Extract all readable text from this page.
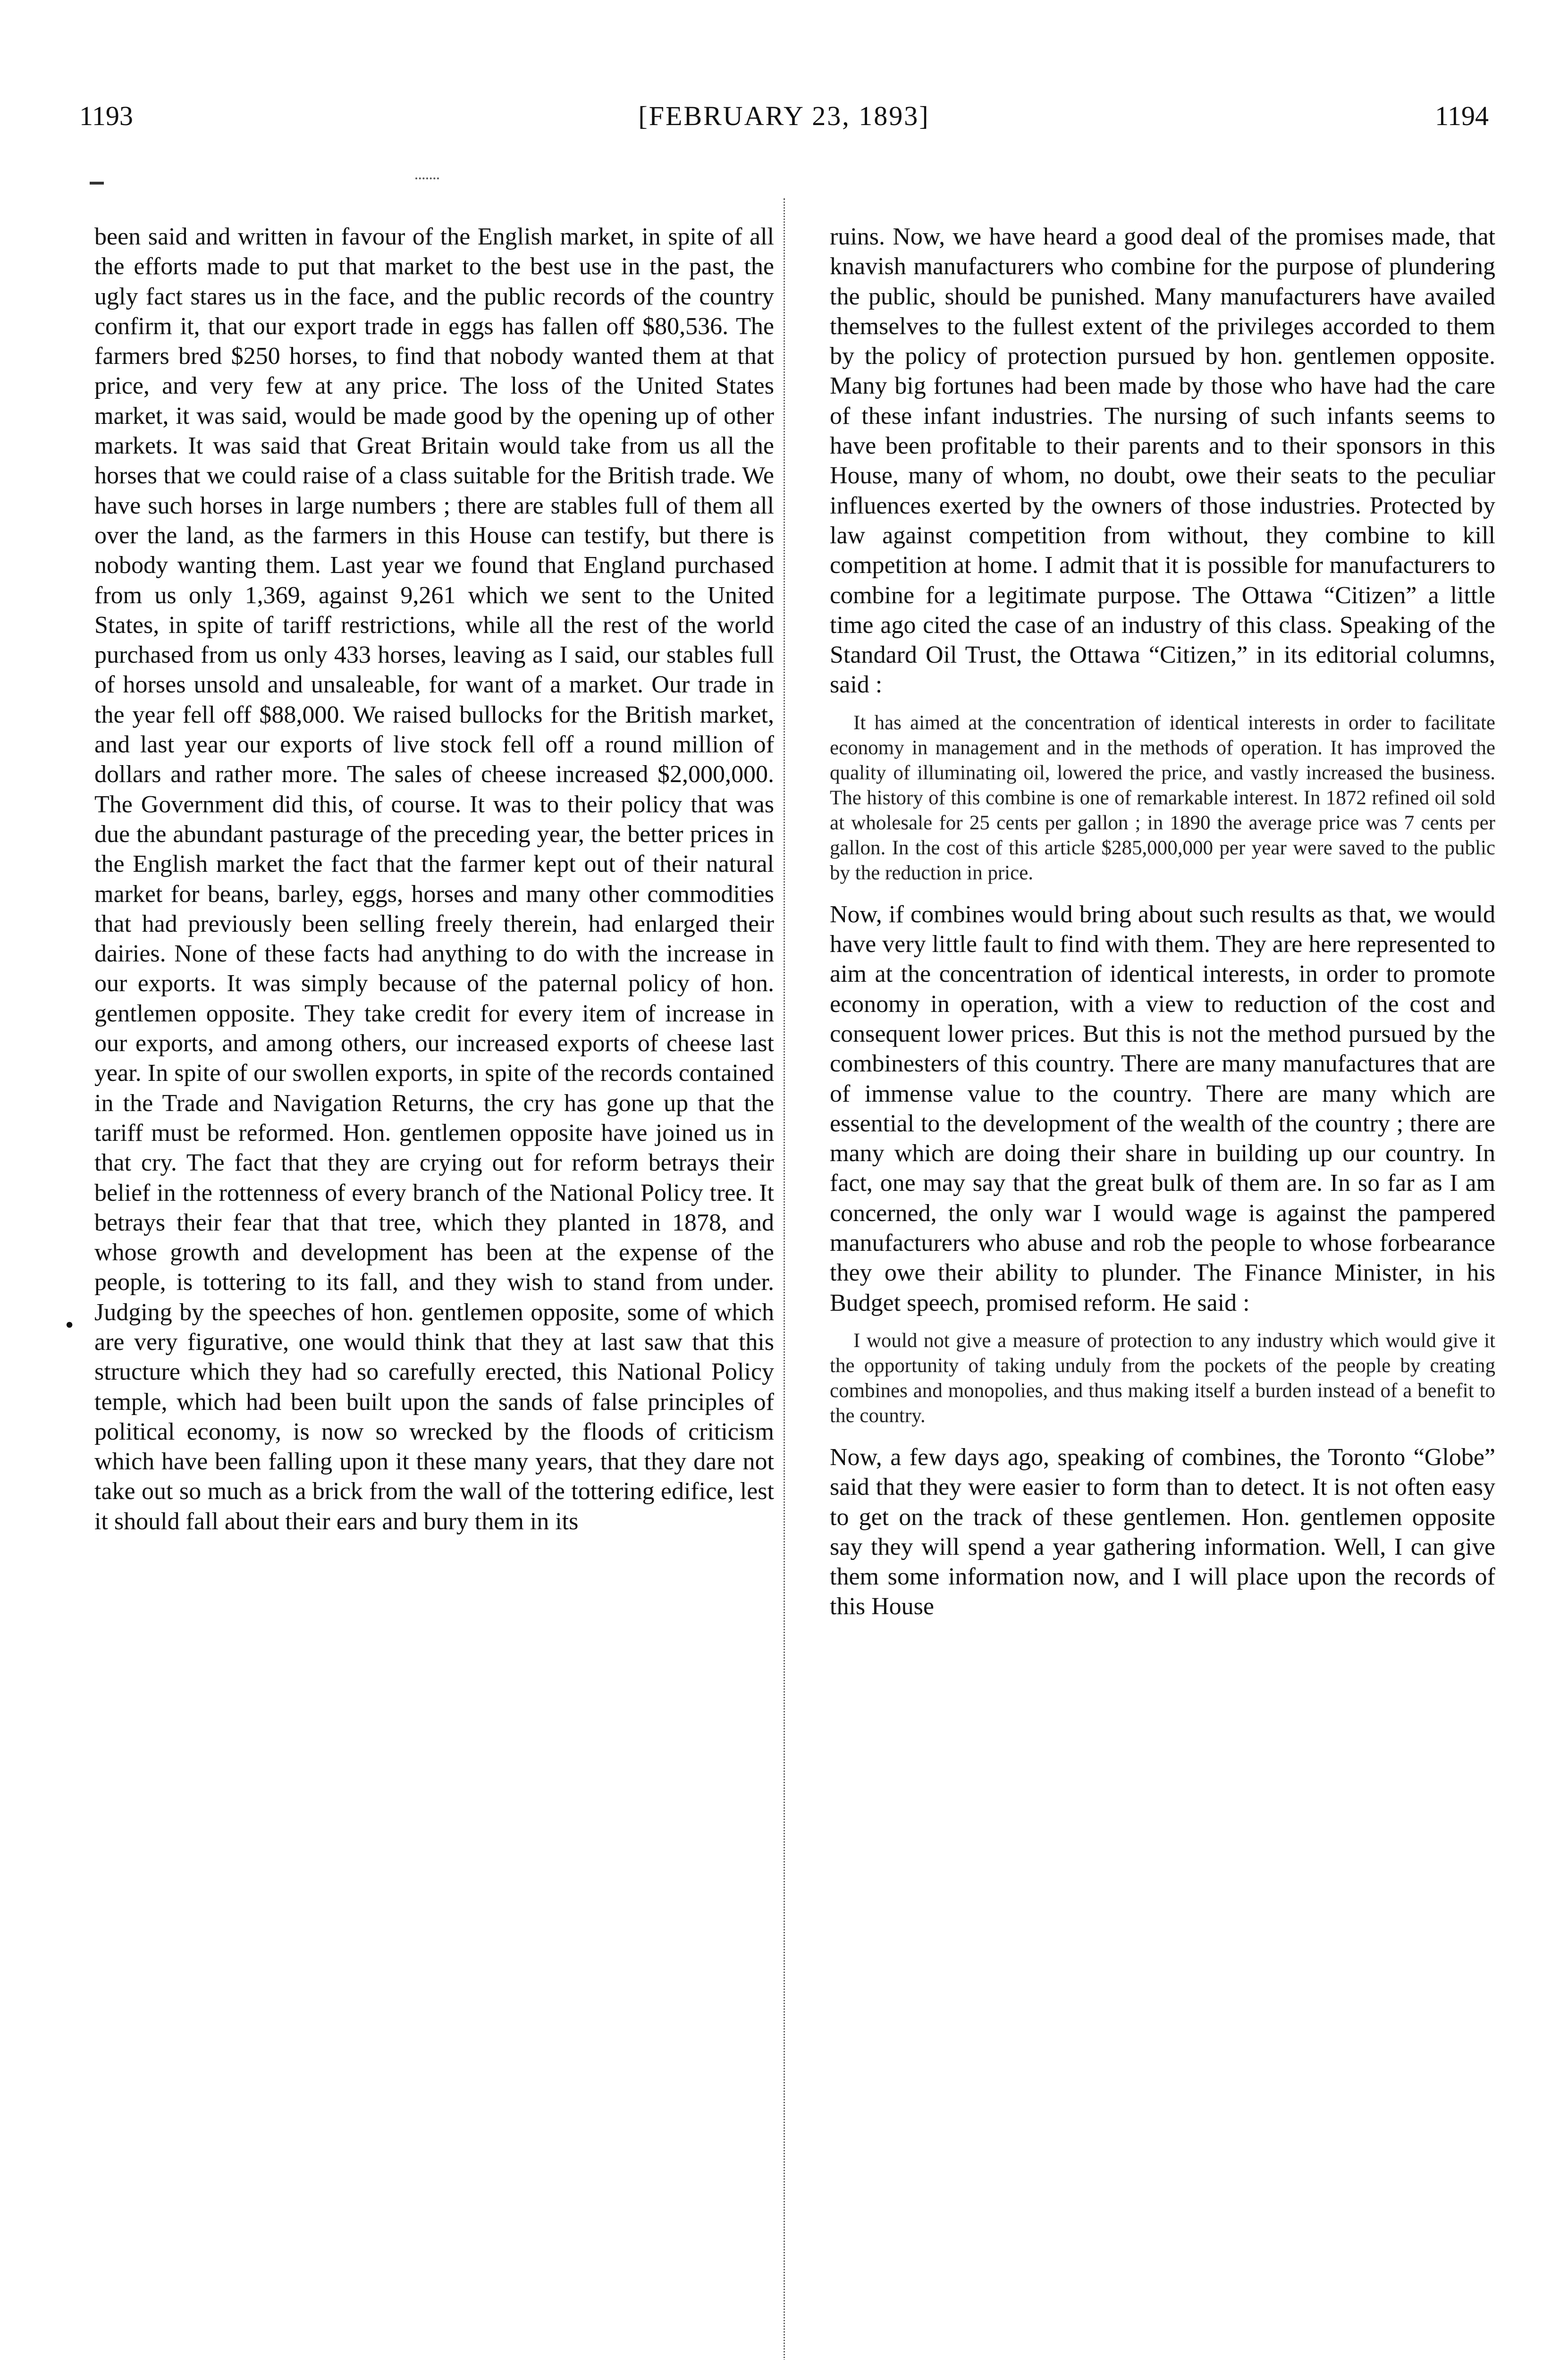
[FEBRUARY 23, 1893]
1193	1194
•

been said and written in favour of the English market, in spite of all the efforts made to put that market to the best use in the past, the ugly fact stares us in the face, and the public records of the country confirm it, that our export trade in eggs has fallen off $80,536. The farmers bred $250 horses, to find that nobody wanted them at that price, and very few at any price. The loss of the United States market, it was said, would be made good by the opening up of other markets. It was said that Great Britain would take from us all the horses that we could raise of a class suitable for the British trade. We have such horses in large numbers ; there are stables full of them all over the land, as the farmers in this House can testify, but there is nobody wanting them. Last year we found that England purchased from us only 1,369, against 9,261 which we sent to the United States, in spite of tariff restrictions, while all the rest of the world purchased from us only 433 horses, leaving as I said, our stables full of horses unsold and unsaleable, for want of a market. Our trade in the year fell off $88,000. We raised bullocks for the British market, and last year our exports of live stock fell off a round million of dollars and rather more. The sales of cheese increased $2,000,000. The Government did this, of course. It was to their policy that was due the abundant pasturage of the preceding year, the better prices in the English market the fact that the farmer kept out of their natural market for beans, barley, eggs, horses and many other commodities that had previously been selling freely therein, had enlarged their dairies. None of these facts had anything to do with the increase in our exports. It was simply because of the paternal policy of hon. gentlemen opposite. They take credit for every item of increase in our exports, and among others, our increased exports of cheese last year. In spite of our swollen exports, in spite of the records contained in the Trade and Navigation Returns, the cry has gone up that the tariff must be reformed. Hon. gentlemen opposite have joined us in that cry. The fact that they are crying out for reform betrays their belief in the rottenness of every branch of the National Policy tree. It betrays their fear that that tree, which they planted in 1878, and whose growth and development has been at the expense of the people, is tottering to its fall, and they wish to stand from under. Judging by the speeches of hon. gentlemen opposite, some of which are very figurative, one would think that they at last saw that this structure which they had so carefully erected, this National Policy temple, which had been built upon the sands of false principles of political economy, is now so wrecked by the floods of criticism which have been falling upon it these many years, that they dare not take out so much as a brick from the wall of the tottering edifice, lest it should fall about their ears and bury them in its

ruins. Now, we have heard a good deal of the promises made, that knavish manufacturers who combine for the purpose of plundering the public, should be punished. Many manufacturers have availed themselves to the fullest extent of the privileges accorded to them by the policy of protection pursued by hon. gentlemen opposite. Many big fortunes had been made by those who have had the care of these infant industries. The nursing of such infants seems to have been profitable to their parents and to their sponsors in this House, many of whom, no doubt, owe their seats to the peculiar influences exerted by the owners of those industries. Protected by law against competition from without, they combine to kill competition at home. I admit that it is possible for manufacturers to combine for a legitimate purpose. The Ottawa “Citizen” a little time ago cited the case of an industry of this class. Speaking of the Standard Oil Trust, the Ottawa “Citizen,” in its editorial columns, said :

It has aimed at the concentration of identical interests in order to facilitate economy in management and in the methods of operation. It has improved the quality of illuminating oil, lowered the price, and vastly increased the business. The history of this combine is one of remarkable interest. In 1872 refined oil sold at wholesale for 25 cents per gallon ; in 1890 the average price was 7 cents per gallon. In the cost of this article $285,000,000 per year were saved to the public by the reduction in price.

Now, if combines would bring about such results as that, we would have very little fault to find with them. They are here represented to aim at the concentration of identical interests, in order to promote economy in operation, with a view to reduction of the cost and consequent lower prices. But this is not the method pursued by the combinesters of this country. There are many manufactures that are of immense value to the country. There are many which are essential to the development of the wealth of the country ; there are many which are doing their share in building up our country. In fact, one may say that the great bulk of them are. In so far as I am concerned, the only war I would wage is against the pampered manufacturers who abuse and rob the people to whose forbearance they owe their ability to plunder. The Finance Minister, in his Budget speech, promised reform. He said :

I would not give a measure of protection to any industry which would give it the opportunity of taking unduly from the pockets of the people by creating combines and monopolies, and thus making itself a burden instead of a benefit to the country.

Now, a few days ago, speaking of combines, the Toronto “Globe” said that they were easier to form than to detect. It is not often easy to get on the track of these gentlemen. Hon. gentlemen opposite say they will spend a year gathering information. Well, I can give them some information now, and I will place upon the records of this House
